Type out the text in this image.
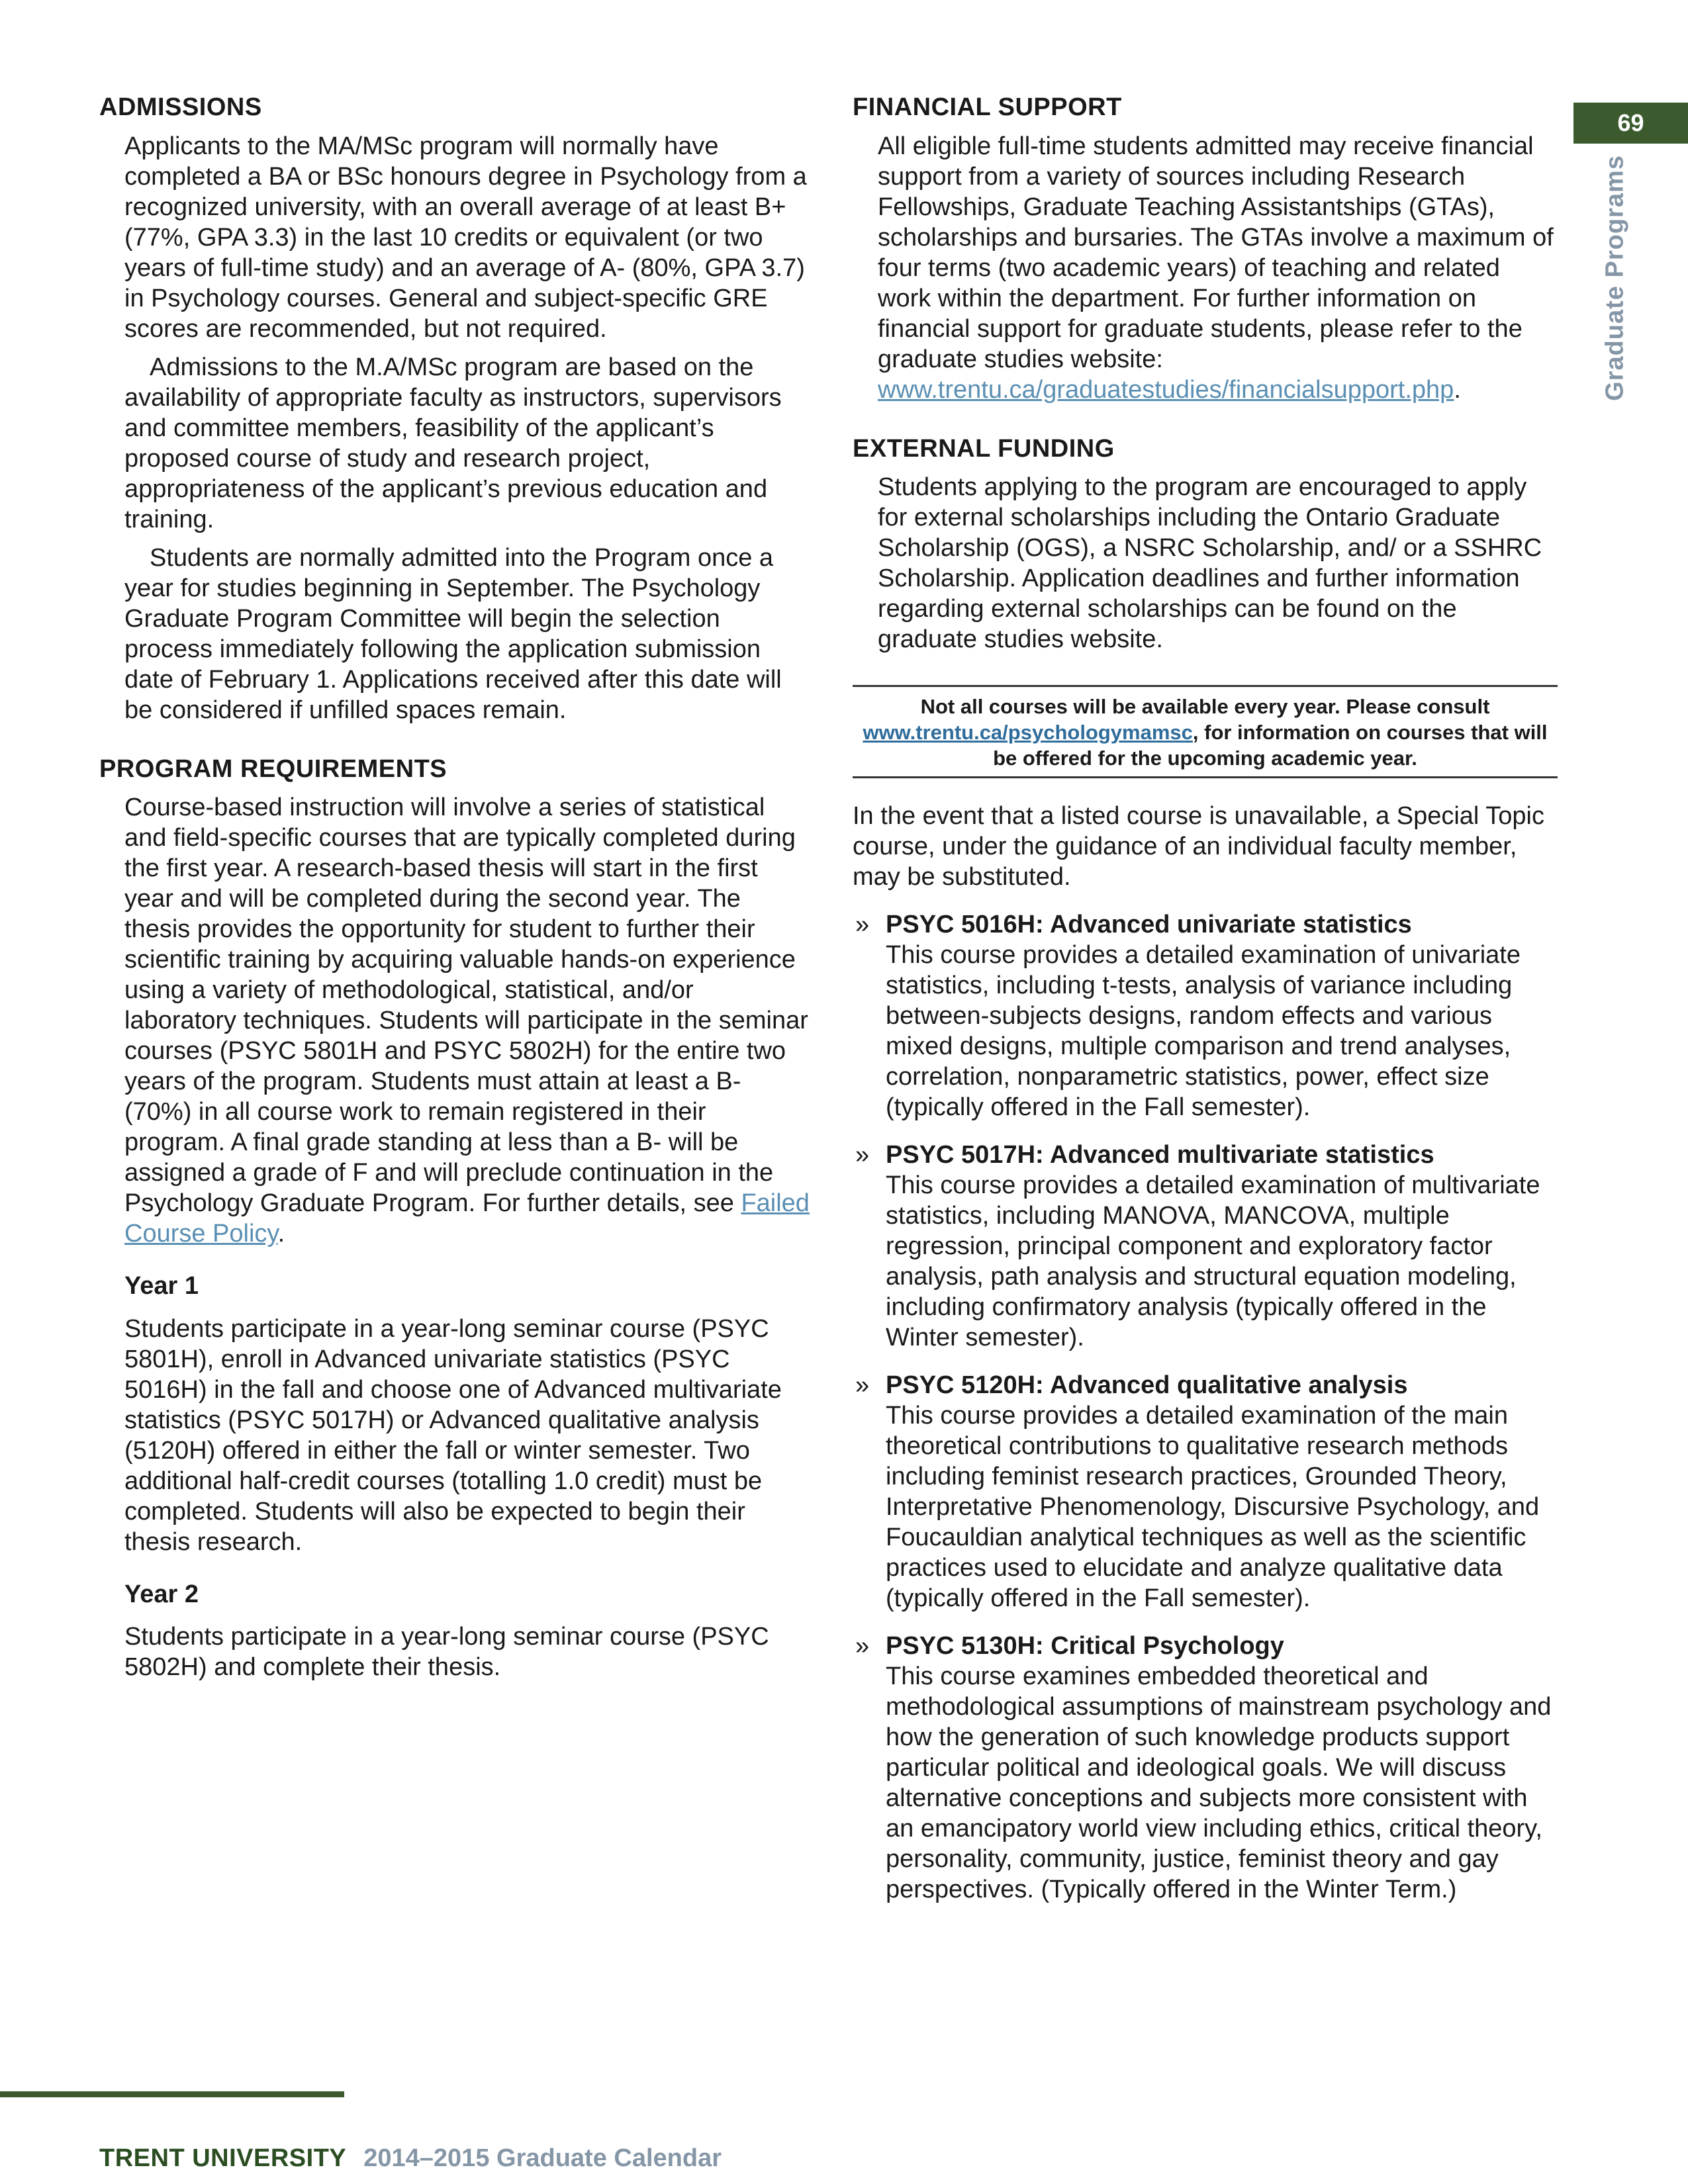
69
Graduate Programs
ADMISSIONS

Applicants to the MA/MSc program will normally have completed a BA or BSc honours degree in Psychology from a recognized university, with an overall average of at least B+ (77%, GPA 3.3) in the last 10 credits or equivalent (or two years of full-time study) and an average of A- (80%, GPA 3.7) in Psychology courses. General and subject-specific GRE scores are recommended, but not required.

Admissions to the M.A/MSc program are based on the availability of appropriate faculty as instructors, supervisors and committee members, feasibility of the applicant’s proposed course of study and research project, appropriateness of the applicant’s previous education and training.

Students are normally admitted into the Program once a year for studies beginning in September. The Psychology Graduate Program Committee will begin the selection process immediately following the application submission date of February 1. Applications received after this date will be considered if unfilled spaces remain.

PROGRAM REQUIREMENTS

Course-based instruction will involve a series of statistical and field-specific courses that are typically completed during the first year. A research-based thesis will start in the first year and will be completed during the second year. The thesis provides the opportunity for student to further their scientific training by acquiring valuable hands-on experience using a variety of methodological, statistical, and/or laboratory techniques. Students will participate in the seminar courses (PSYC 5801H and PSYC 5802H) for the entire two years of the program. Students must attain at least a B- (70%) in all course work to remain registered in their program. A final grade standing at less than a B- will be assigned a grade of F and will preclude continuation in the Psychology Graduate Program. For further details, see Failed Course Policy.

Year 1

Students participate in a year-long seminar course (PSYC 5801H), enroll in Advanced univariate statistics (PSYC 5016H) in the fall and choose one of Advanced multivariate statistics (PSYC 5017H) or Advanced qualitative analysis (5120H) offered in either the fall or winter semester. Two additional half-credit courses (totalling 1.0 credit) must be completed. Students will also be expected to begin their thesis research.

Year 2

Students participate in a year-long seminar course (PSYC 5802H) and complete their thesis.

FINANCIAL SUPPORT

All eligible full-time students admitted may receive financial support from a variety of sources including Research Fellowships, Graduate Teaching Assistantships (GTAs), scholarships and bursaries. The GTAs involve a maximum of four terms (two academic years) of teaching and related work within the department. For further information on financial support for graduate students, please refer to the graduate studies website: www.trentu.ca/graduatestudies/financialsupport.php.

EXTERNAL FUNDING

Students applying to the program are encouraged to apply for external scholarships including the Ontario Graduate Scholarship (OGS), a NSRC Scholarship, and/ or a SSHRC Scholarship. Application deadlines and further information regarding external scholarships can be found on the graduate studies website.

Not all courses will be available every year. Please consult www.trentu.ca/psychologymamsc, for information on courses that will be offered for the upcoming academic year.

In the event that a listed course is unavailable, a Special Topic course, under the guidance of an individual faculty member, may be substituted.

» PSYC 5016H: Advanced univariate statistics

This course provides a detailed examination of univariate statistics, including t-tests, analysis of variance including between-subjects designs, random effects and various mixed designs, multiple comparison and trend analyses, correlation, nonparametric statistics, power, effect size (typically offered in the Fall semester).

» PSYC 5017H: Advanced multivariate statistics

This course provides a detailed examination of multivariate statistics, including MANOVA, MANCOVA, multiple regression, principal component and exploratory factor analysis, path analysis and structural equation modeling, including confirmatory analysis (typically offered in the Winter semester).

» PSYC 5120H: Advanced qualitative analysis

This course provides a detailed examination of the main theoretical contributions to qualitative research methods including feminist research practices, Grounded Theory, Interpretative Phenomenology, Discursive Psychology, and Foucauldian analytical techniques as well as the scientific practices used to elucidate and analyze qualitative data (typically offered in the Fall semester).

» PSYC 5130H: Critical Psychology

This course examines embedded theoretical and methodological assumptions of mainstream psychology and how the generation of such knowledge products support particular political and ideological goals. We will discuss alternative conceptions and subjects more consistent with an emancipatory world view including ethics, critical theory, personality, community, justice, feminist theory and gay perspectives. (Typically offered in the Winter Term.)

TRENT UNIVERSITY 2014–2015 Graduate Calendar
